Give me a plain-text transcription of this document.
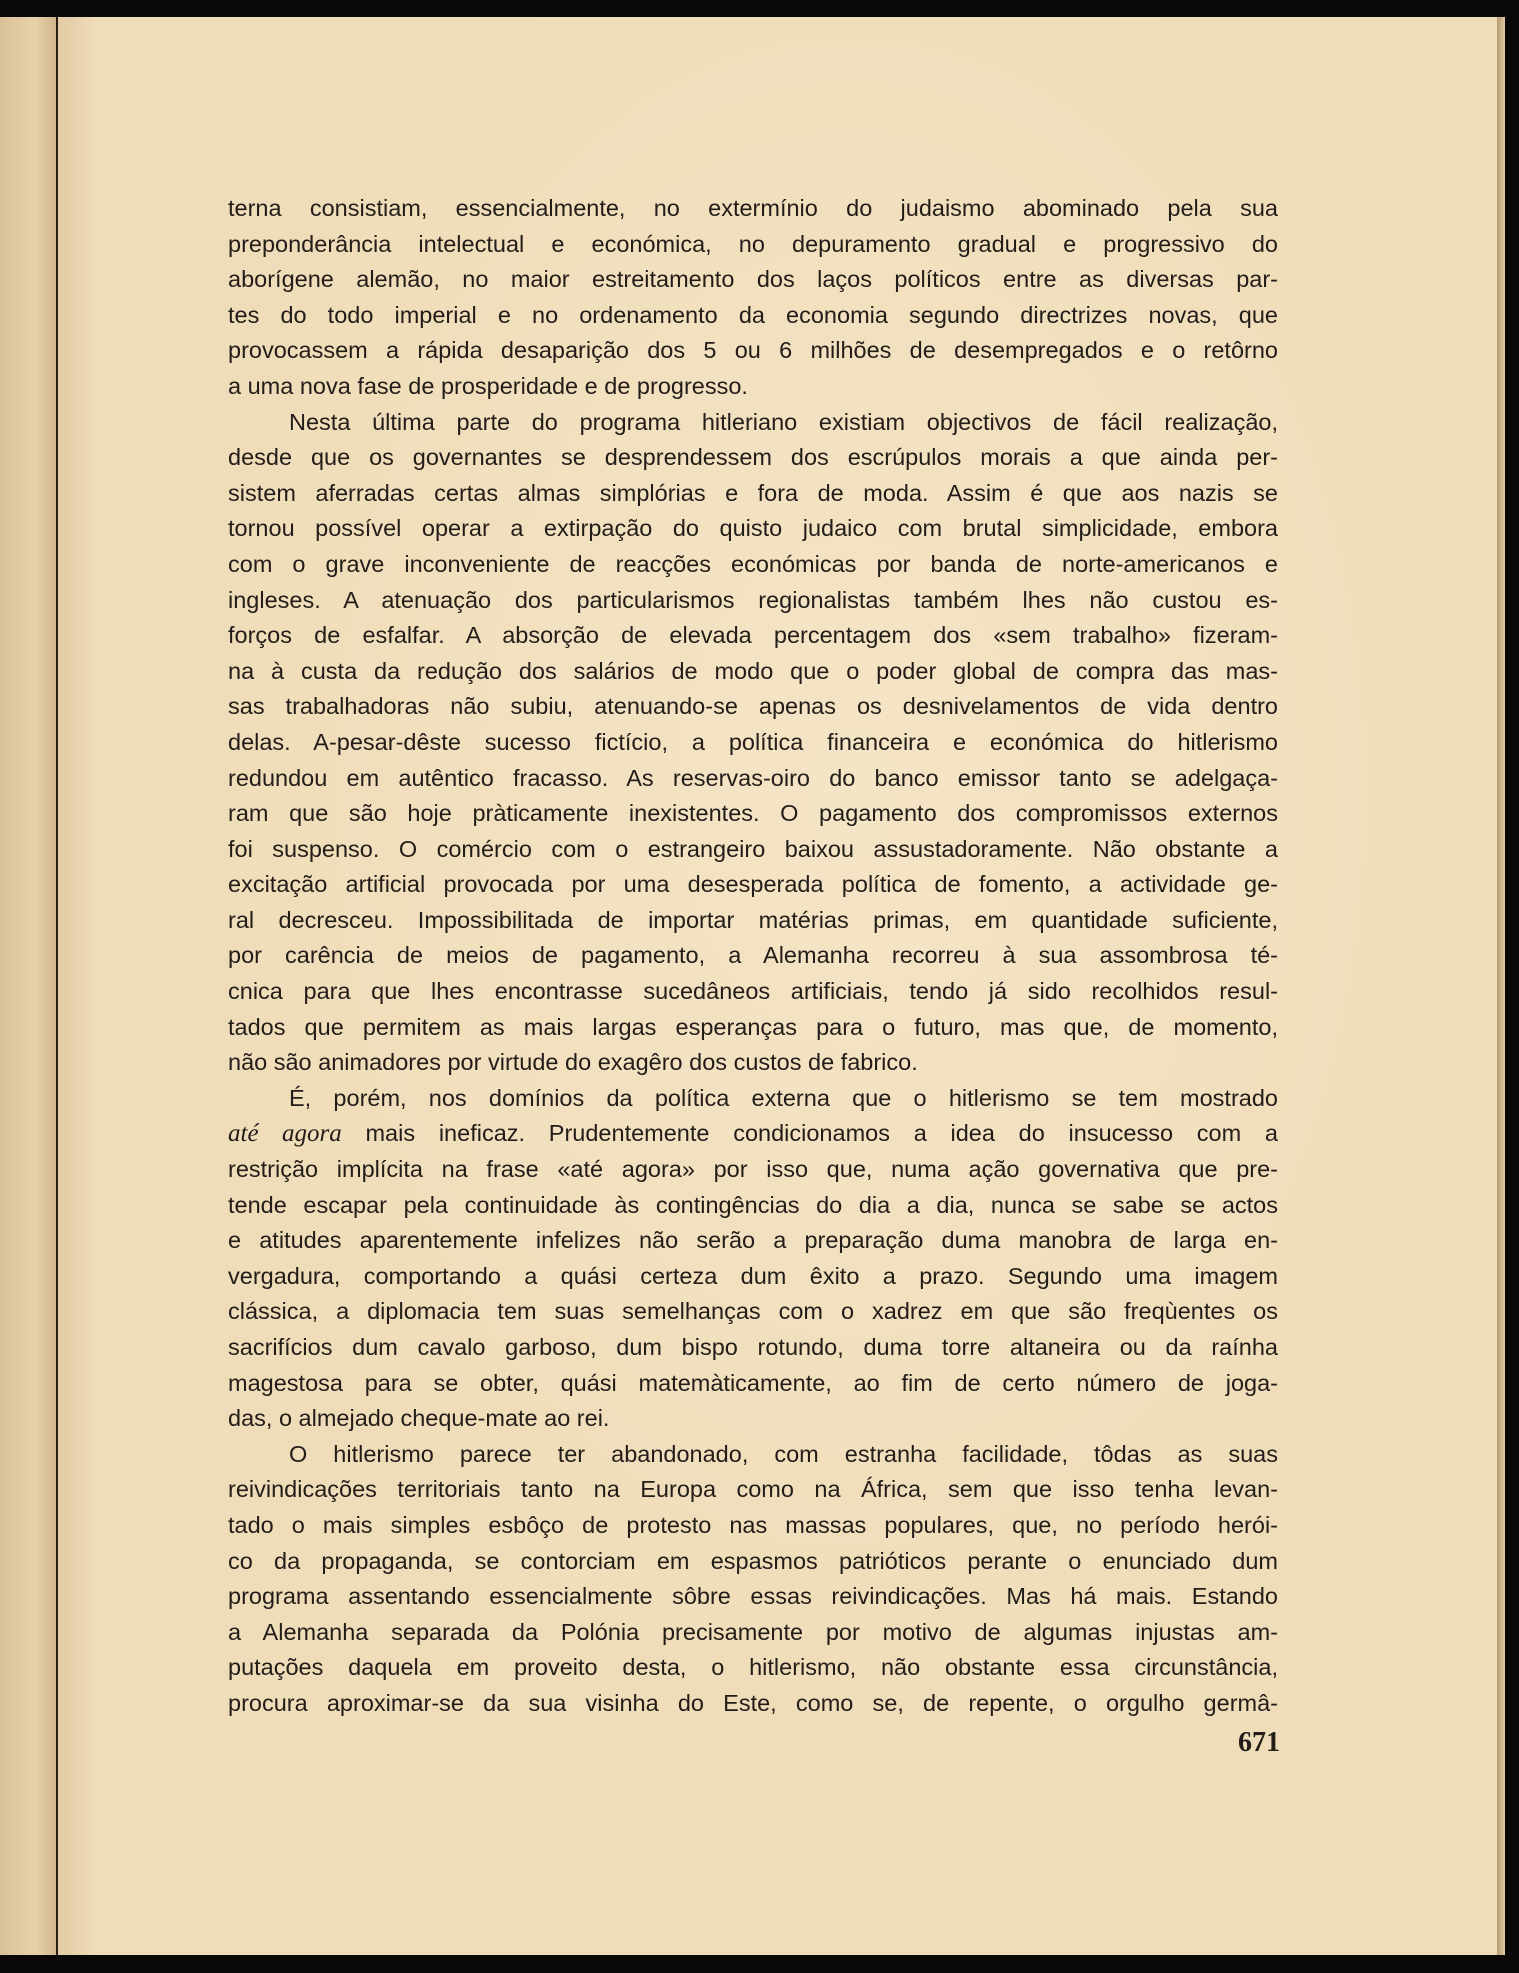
terna consistiam, essencialmente, no extermínio do judaismo abominado pela sua
preponderância intelectual e económica, no depuramento gradual e progressivo do
aborígene alemão, no maior estreitamento dos laços políticos entre as diversas par-
tes do todo imperial e no ordenamento da economia segundo directrizes novas, que
provocassem a rápida desaparição dos 5 ou 6 milhões de desempregados e o retôrno
a uma nova fase de prosperidade e de progresso.
Nesta última parte do programa hitleriano existiam objectivos de fácil realização,
desde que os governantes se desprendessem dos escrúpulos morais a que ainda per-
sistem aferradas certas almas simplórias e fora de moda. Assim é que aos nazis se
tornou possível operar a extirpação do quisto judaico com brutal simplicidade, embora
com o grave inconveniente de reacções económicas por banda de norte-americanos e
ingleses. A atenuação dos particularismos regionalistas também lhes não custou es-
forços de esfalfar. A absorção de elevada percentagem dos «sem trabalho» fizeram-
na à custa da redução dos salários de modo que o poder global de compra das mas-
sas trabalhadoras não subiu, atenuando-se apenas os desnivelamentos de vida dentro
delas. A-pesar-dêste sucesso fictício, a política financeira e económica do hitlerismo
redundou em autêntico fracasso. As reservas-oiro do banco emissor tanto se adelgaça-
ram que são hoje pràticamente inexistentes. O pagamento dos compromissos externos
foi suspenso. O comércio com o estrangeiro baixou assustadoramente. Não obstante a
excitação artificial provocada por uma desesperada política de fomento, a actividade ge-
ral decresceu. Impossibilitada de importar matérias primas, em quantidade suficiente,
por carência de meios de pagamento, a Alemanha recorreu à sua assombrosa té-
cnica para que lhes encontrasse sucedâneos artificiais, tendo já sido recolhidos resul-
tados que permitem as mais largas esperanças para o futuro, mas que, de momento,
não são animadores por virtude do exagêro dos custos de fabrico.
É, porém, nos domínios da política externa que o hitlerismo se tem mostrado
até agora mais ineficaz. Prudentemente condicionamos a idea do insucesso com a
restrição implícita na frase «até agora» por isso que, numa ação governativa que pre-
tende escapar pela continuidade às contingências do dia a dia, nunca se sabe se actos
e atitudes aparentemente infelizes não serão a preparação duma manobra de larga en-
vergadura, comportando a quási certeza dum êxito a prazo. Segundo uma imagem
clássica, a diplomacia tem suas semelhanças com o xadrez em que são freqùentes os
sacrifícios dum cavalo garboso, dum bispo rotundo, duma torre altaneira ou da raínha
magestosa para se obter, quási matemàticamente, ao fim de certo número de joga-
das, o almejado cheque-mate ao rei.
O hitlerismo parece ter abandonado, com estranha facilidade, tôdas as suas
reivindicações territoriais tanto na Europa como na África, sem que isso tenha levan-
tado o mais simples esbôço de protesto nas massas populares, que, no período herói-
co da propaganda, se contorciam em espasmos patrióticos perante o enunciado dum
programa assentando essencialmente sôbre essas reivindicações. Mas há mais. Estando
a Alemanha separada da Polónia precisamente por motivo de algumas injustas am-
putações daquela em proveito desta, o hitlerismo, não obstante essa circunstância,
procura aproximar-se da sua visinha do Este, como se, de repente, o orgulho germâ-
671
